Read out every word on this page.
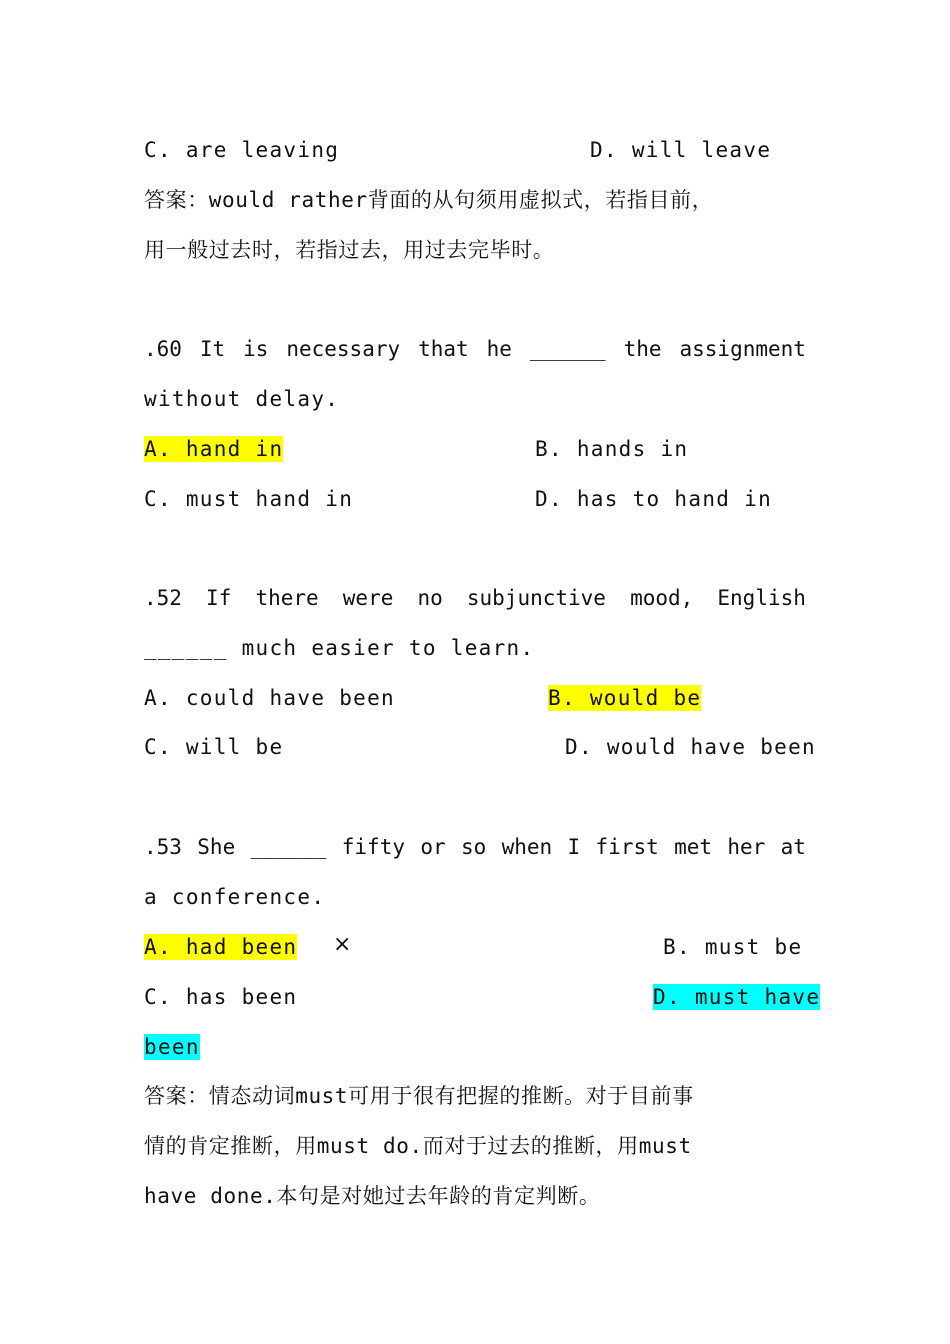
C. are leaving	D. will leave
答案：would rather背面的从句须用虚拟式，若指目前，
用一般过去时，若指过去，用过去完毕时。
.60 It is necessary that he ______ the assignment
without delay.
A. hand in	B. hands in
C. must hand in	D. has to hand in
.52 If there were no subjunctive mood, English
______ much easier to learn.
A. could have been	B. would be
C. will be	D. would have been
.53 She ______ fifty or so when I first met her at
a conference.
A. had been ×	B. must be
C. has been	D. must have
been
答案：情态动词must可用于很有把握的推断。对于目前事
情的肯定推断，用must do.而对于过去的推断，用must
have done.本句是对她过去年龄的肯定判断。
